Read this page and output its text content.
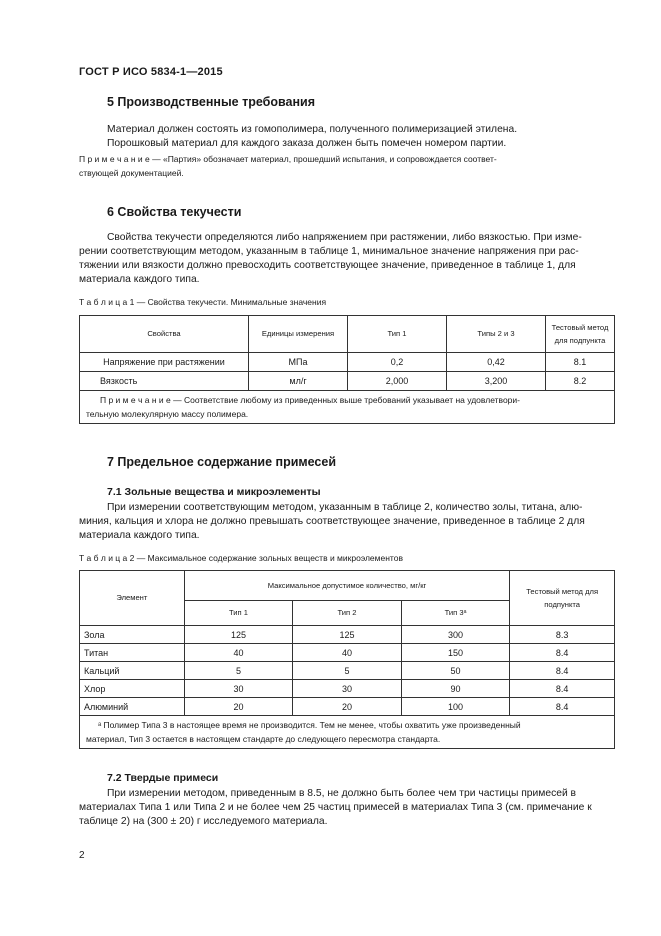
ГОСТ Р ИСО 5834-1—2015
5 Производственные требования
Материал должен состоять из гомополимера, полученного полимеризацией этилена.
Порошковый материал для каждого заказа должен быть помечен номером партии.
П р и м е ч а н и е — «Партия» обозначает материал, прошедший испытания, и сопровождается соответ-
ствующей документацией.
6 Свойства текучести
Свойства текучести определяются либо напряжением при растяжении, либо вязкостью. При изме-
рении соответствующим методом, указанным в таблице 1, минимальное значение напряжения при рас-
тяжении или вязкости должно превосходить соответствующее значение, приведенное в таблице 1, для
материала каждого типа.
Т а б л и ц а 1 — Свойства текучести. Минимальные значения
Свойства	Единицы измерения	Тип 1	Типы 2 и 3	Тестовый метод для подпункта
Напряжение при растяжении	МПа	0,2	0,42	8.1
Вязкость	мл/г	2,000	3,200	8.2

П р и м е ч а н и е — Соответствие любому из приведенных выше требований указывает на удовлетвори-
тельную молекулярную массу полимера.				
7 Предельное содержание примесей
7.1 Зольные вещества и микроэлементы
При измерении соответствующим методом, указанным в таблице 2, количество золы, титана, алю-
миния, кальция и хлора не должно превышать соответствующее значение, приведенное в таблице 2 для
материала каждого типа.
Т а б л и ц а 2 — Максимальное содержание зольных веществ и микроэлементов
Элемент	Максимальное допустимое количество, мг/кг			Тестовый метод для подпункта
	Тип 1	Тип 2	Тип 3ᵃ	
Зола	125	125	300	8.3
Титан	40	40	150	8.4
Кальций	5	5	50	8.4
Хлор	30	30	90	8.4
Алюминий	20	20	100	8.4

ᵃ Полимер Типа 3 в настоящее время не производится. Тем не менее, чтобы охватить уже произведенный
материал, Тип 3 остается в настоящем стандарте до следующего пересмотра стандарта.				
7.2 Твердые примеси
При измерении методом, приведенным в 8.5, не должно быть более чем три частицы примесей в
материалах Типа 1 или Типа 2 и не более чем 25 частиц примесей в материалах Типа 3 (см. примечание к
таблице 2) на (300 ± 20) г исследуемого материала.
2
